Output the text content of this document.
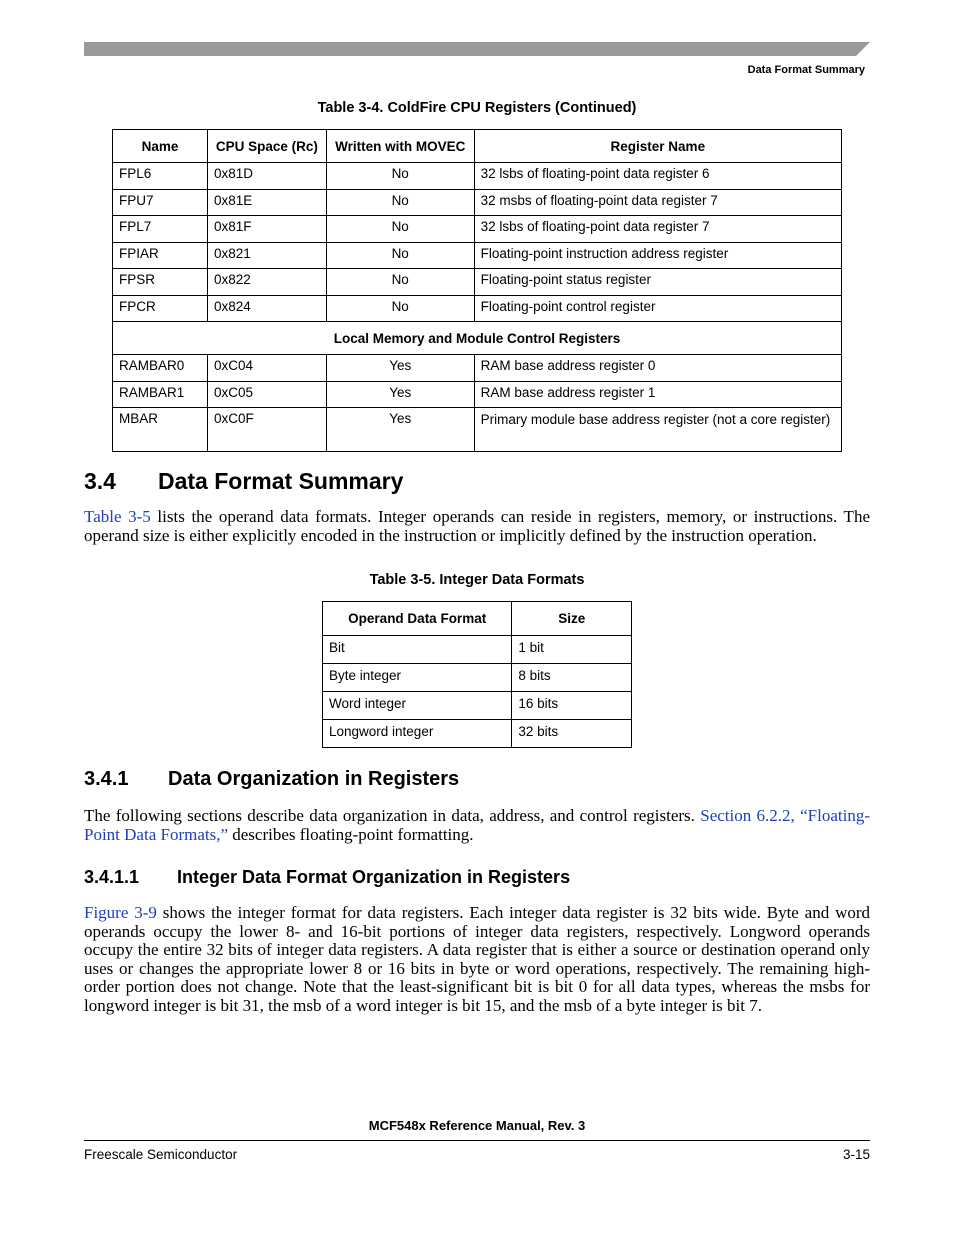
Data Format Summary
Table 3-4. ColdFire CPU Registers (Continued)
Name	CPU Space (Rc)	Written with MOVEC	Register Name
FPL6	0x81D	No	32 lsbs of floating-point data register 6
FPU7	0x81E	No	32 msbs of floating-point data register 7
FPL7	0x81F	No	32 lsbs of floating-point data register 7
FPIAR	0x821	No	Floating-point instruction address register
FPSR	0x822	No	Floating-point status register
FPCR	0x824	No	Floating-point control register
Local Memory and Module Control Registers			
RAMBAR0	0xC04	Yes	RAM base address register 0
RAMBAR1	0xC05	Yes	RAM base address register 1
MBAR	0xC0F	Yes	Primary module base address register (not a core register)
3.4 Data Format Summary
Table 3-5 lists the operand data formats. Integer operands can reside in registers, memory, or instructions. The operand size is either explicitly encoded in the instruction or implicitly defined by the instruction operation.
Table 3-5. Integer Data Formats
Operand Data Format	Size
Bit	1 bit
Byte integer	8 bits
Word integer	16 bits
Longword integer	32 bits
3.4.1 Data Organization in Registers
The following sections describe data organization in data, address, and control registers. Section 6.2.2, “Floating-Point Data Formats,” describes floating-point formatting.
3.4.1.1 Integer Data Format Organization in Registers
Figure 3-9 shows the integer format for data registers. Each integer data register is 32 bits wide. Byte and word operands occupy the lower 8- and 16-bit portions of integer data registers, respectively. Longword operands occupy the entire 32 bits of integer data registers. A data register that is either a source or destination operand only uses or changes the appropriate lower 8 or 16 bits in byte or word operations, respectively. The remaining high-order portion does not change. Note that the least-significant bit is bit 0 for all data types, whereas the msbs for longword integer is bit 31, the msb of a word integer is bit 15, and the msb of a byte integer is bit 7.
MCF548x Reference Manual, Rev. 3
Freescale Semiconductor	3-15
